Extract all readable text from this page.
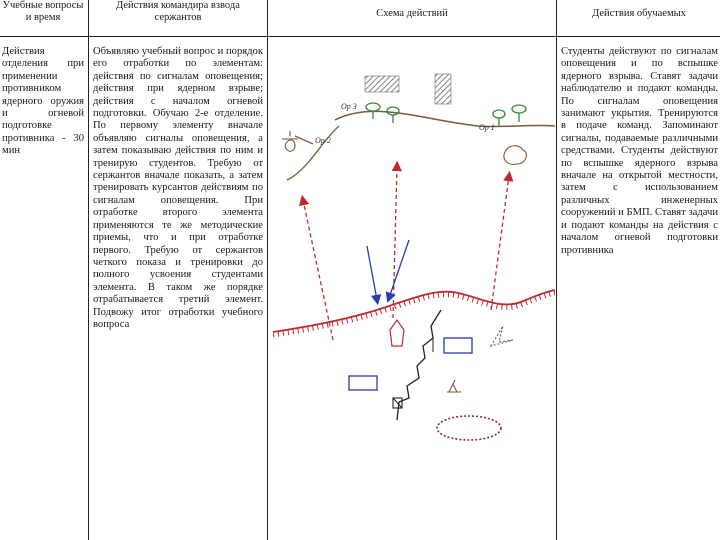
Учебные вопросы и время
Действия командира взвода сержантов	Схема действий	Действия обучаемых

Действия отделения при применении противником ядерного оружия и огневой подготовке противника - 30 мин

Объявляю учебный вопрос и порядок его отработки по элементам: действия по сигналам оповещения; действия при ядерном взрыве; действия с началом огневой подготовки. Обучаю 2-е отделение. По первому элементу вначале объявляю сигналы оповещения, а затем показываю действия по ним и тренирую студентов. Требую от сержантов вначале показать, а затем тренировать курсантов действиям по сигналам оповещения. При отработке второго элемента применяются те же методические приемы, что и при отработке первого. Требую от сержантов четкого показа и тренировки до полного усвоения студентами элемента. В таком же порядке отрабатывается третий элемент. Подвожу итог отработки учебного вопроса

Студенты действуют по сигналам оповещения и по вспышке ядерного взрыва. Ставят задачи наблюдателю и подают команды. По сигналам оповещения занимают укрытия. Тренируются в подаче команд. Запоминают сигналы, подаваемые различными средствами. Студенты действуют по вспышке ядерного взрыва вначале на открытой местности, затем с использованием различных инженерных сооружений и БМП. Ставят задачи и подают команды на действия с началом огневой подготовки противника

Ор 3
Ор 2
Ор 1
